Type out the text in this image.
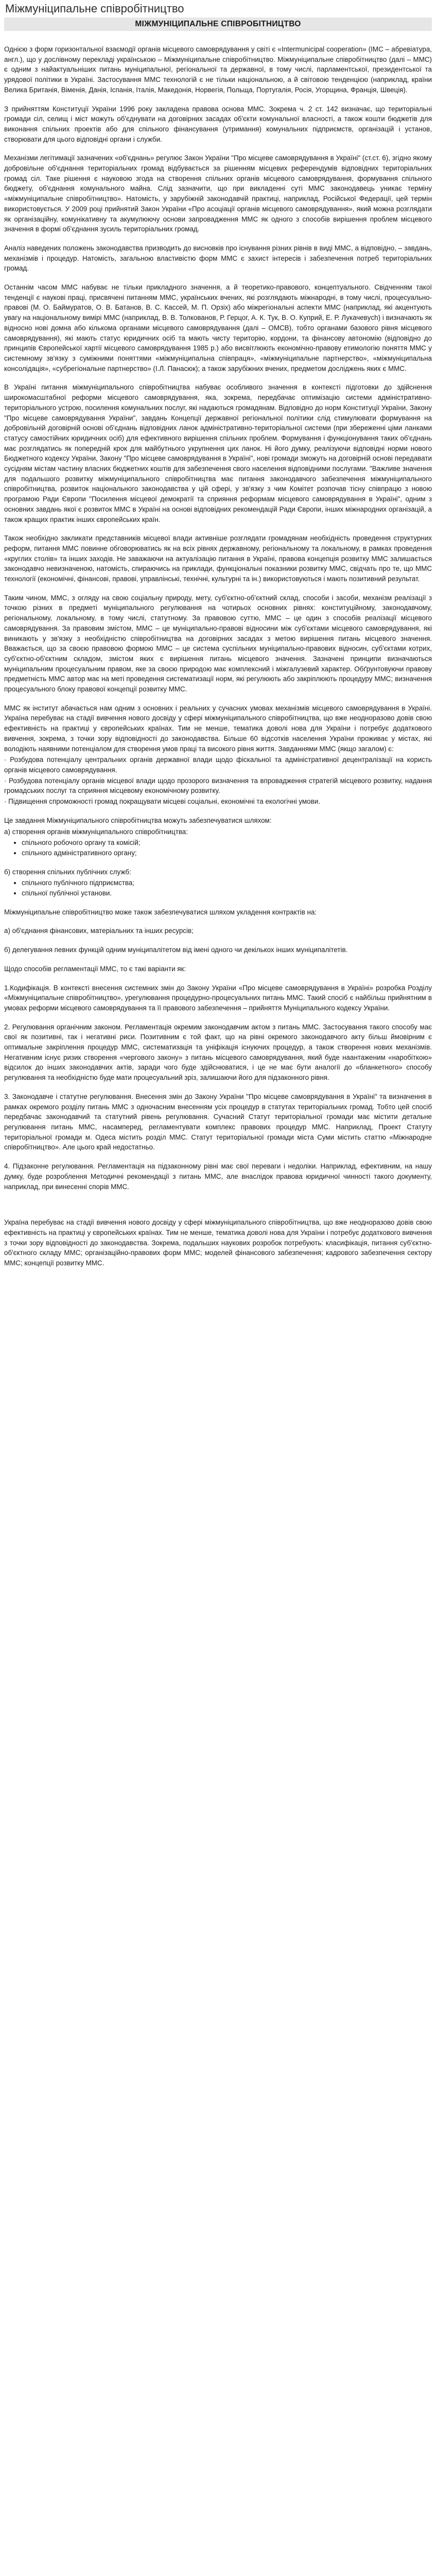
Міжмуніципальне співробітництво
МІЖМУНІЦИПАЛЬНЕ СПІВРОБІТНИЦТВО

Однією з форм горизонтальної взаємодії органів місцевого самоврядування у світі є «Intermunicipal cooperation» (IMC – абревіатура, англ.), що у дослівному перекладі українською – Міжмуніципальне співробітництво. Міжмуніципальне співробітництво (далі – ММС) є одним з найактуальніших питань муніципальної, регіональної та державної, в тому числі, парламентської, президентської та урядової політики в Україні. Застосування ММС технологій є не тільки національною, а й світовою тенденцією (наприклад, країни Велика Британія, Віменія, Данія, Іспанія, Італія, Македонія, Норвегія, Польща, Португалія, Росія, Угорщина, Франція, Швеція).

З прийняттям Конституції України 1996 року закладена правова основа ММС. Зокрема ч. 2 ст. 142 визначає, що територіальні громади сіл, селищ і міст можуть об'єднувати на договірних засадах об'єкти комунальної власності, а також кошти бюджетів для виконання спільних проектів або для спільного фінансування (утримання) комунальних підприємств, організацій і установ, створювати для цього відповідні органи і служби.

Механізми легітимації зазначених «об'єднань» регулює Закон України "Про місцеве самоврядування в Україні" (ст.ст. 6), згідно якому добровільне об'єднання територіальних громад відбувається за рішенням місцевих референдумів відповідних територіальних громад сіл. Таке рішення є науковою згода на створення спільних органів місцевого самоврядування, формування спільного бюджету, об'єднання комунального майна. Слід зазначити, що при викладенні суті ММС законодавець уникає терміну «міжмуніципальне співробітництво». Натомість, у зарубіжній законодавчій практиці, наприклад, Російської Федерації, цей термін використовується. У 2009 році прийнятий Закон України «Про асоціації органів місцевого самоврядування», який можна розглядати як організаційну, комунікативну та акумулюючу основи запровадження ММС як одного з способів вирішення проблем місцевого значення в формі об'єднання зусиль територіальних громад.

Аналіз наведених положень законодавства призводить до висновків про існування різних рівнів в виді ММС, а відповідно, – завдань, механізмів і процедур. Натомість, загальною властивістю форм ММС є захист інтересів і забезпечення потреб територіальних громад.

Останнім часом ММС набуває не тільки прикладного значення, а й теоретико-правового, концептуального. Свідченням такої тенденції є наукові праці, присвячені питанням ММС, українських вчених, які розглядають міжнародні, в тому числі, процесуально-правові (М. О. Баймуратов, О. В. Батанов, В. С. Кассей, М. П. Орзіх) або міжрегіональні аспекти ММС (наприклад, які акцентують увагу на національному вимірі ММС (наприклад, В. В. Толкованов, Р. Герцог, А. К. Тук, В. О. Куприй, Е. Р. Лукачевych) і визначають як відносно нові домна або кількома органами місцевого самоврядування (далі – ОМСВ), тобто органами базового рівня місцевого самоврядування), які мають статус юридичних осіб та мають чисту територію, кордони, та фінансову автономію (відповідно до принципів Європейської хартії місцевого самоврядування 1985 р.) або висвітлюють економічно-правову етимологію поняття ММС у системному зв'язку з суміжними поняттями «міжмуніципальна співпраця», «міжмуніципальне партнерство», «міжмуніципальна консолідація», «субрегіональне партнерство» (І.Л. Панасюк); а також зарубіжних вчених, предметом досліджень яких є ММС.

В Україні питання міжмуніципального співробітництва набуває особливого значення в контексті підготовки до здійснення широкомасштабної реформи місцевого самоврядування, яка, зокрема, передбачає оптимізацію системи адміністративно-територіального устрою, посилення комунальних послуг, які надаються громадянам. Відповідно до норм Конституції України, Закону "Про місцеве самоврядування України", завдань Концепції державної регіональної політики слід стимулювати формування на добровільній договірній основі об'єднань відповідних ланок адміністративно-територіальної системи (при збереженні ціми ланками статусу самостійних юридичних осіб) для ефективного вирішення спільних проблем. Формування і функціонування таких об'єднань має розглядатись як попередній крок для майбутнього укрупнення цих ланок. Ні його думку, реалізуючи відповідні норми нового Бюджетного кодексу України, Закону "Про місцеве самоврядування в Україні", нові громади зможуть на договірній основі передавати сусідням містам частину власних бюджетних коштів для забезпечення свого населення відповідними послугами. "Важливе значення для подальшого розвитку міжмуніципального співробітництва має питання законодавчого забезпечення міжмуніципального співробітництва, розвиток національного законодавства у цій сфері, у зв'язку з чим Комітет розпочав тісну співпрацю з новою програмою Ради Європи "Посилення місцевої демократії та сприяння реформам місцевого самоврядування в Україні", одним з основних завдань якої є розвиток ММС в Україні на основі відповідних рекомендацій Ради Європи, інших міжнародних організацій, а також кращих практик інших європейських країн.

Також необхідно закликати представників місцевої влади активніше розглядати громадянам необхідність проведення структурних реформ, питання ММС повинне обговорюватись як на всіх рівнях державному, регіональному та локальному, в рамках проведення «круглих столів» та інших заходів. Не заважаючи на актуалізацію питання в Україні, правова концепція розвитку ММС залишається законодавчо невизначеною, натомість, спираючись на приклади, функціональні показники розвитку ММС, свідчать про те, що ММС технології (економічні, фінансові, правові, управлінські, технічні, культурні та ін.) використовуються і мають позитивний результат.

Таким чином, ММС, з огляду на свою соціальну природу, мету, суб'єктно-об'єктний склад, способи і засоби, механізм реалізації з точкою різних в предметі муніципального регулювання на чотирьох основних рівнях: конституційному, законодавчому, регіональному, локальному, в тому числі, статутному. За правовою суттю, ММС – це один з способів реалізації місцевого самоврядування. За правовим змістом, ММС – це муніципально-правові відносини між суб'єктами місцевого самоврядування, які виникають у зв'язку з необхідністю співробітництва на договірних засадах з метою вирішення питань місцевого значення. Вважається, що за своєю правовою формою ММС – це система суспільних муніципально-правових відносин, суб'єктами котрих, суб'єктно-об'єктним складом, змістом яких є вирішення питань місцевого значення. Зазначені принципи визначаються муніципальним процесуальним правом, яке за своєю природою має комплексний і міжгалузевий характер. Обґрунтовуючи правову предметність ММС автор має на меті проведення систематизації норм, які регулюють або закріплюють процедуру ММС; визначення процесуального блоку правової концепції розвитку ММС.

ММС як інститут абачається нам одним з основних і реальних у сучасних умовах механізмів місцевого самоврядування в Україні. Україна перебуває на стадії вивчення нового досвіду у сфері міжмуніципального співробітництва, що вже неодноразово довів свою ефективність на практиці у європейських країнах. Тим не менше, тематика доволі нова для України і потребує додаткового вивчення, зокрема, з точки зору відповідності до законодавства. Більше 60 відсотків населення України проживає у містах, які володіють наявними потенціалом для створення умов праці та високого рівня життя. Завданнями ММС (якщо загалом) є:

· Розбудова потенціалу центральних органів державної влади щодо фіскальної та адміністративної децентралізації на користь органів місцевого самоврядування.

· Розбудова потенціалу органів місцевої влади щодо прозорого визначення та впровадження стратегій місцевого розвитку, надання громадських послуг та сприяння місцевому економічному розвитку.

· Підвищення спроможності громад покращувати місцеві соціальні, економічні та екологічні умови.

Це завдання Міжмуніципального співробітництва можуть забезпечуватися шляхом:

а) створення органів міжмуніципального співробітництва:

• спільного робочого органу та комісій;
• спільного адміністративного органу;

б) створення спільних публічних служб:

• спільного публічного підприємства;
• спільної публічної установи.

Міжмуніципальне співробітництво може також забезпечуватися шляхом укладення контрактів на:

а) об'єднання фінансових, матеріальних та інших ресурсів;

б) делегування певних функцій одним муніципалітетом від імені одного чи декількох інших муніципалітетів.

Щодо способів регламентації ММС, то є такі варіанти як:

1.Кодифікація. В контексті внесення системних змін до Закону України «Про місцеве самоврядування в Україні» розробка Розділу «Міжмуніципальне співробітництво», урегулювання процедурно-процесуальних питань ММС. Такий спосіб є найбільш прийнятним в умовах реформи місцевого самоврядування та її правового забезпечення – прийняття Муніципального кодексу України.

2. Регулювання органічним законом. Регламентація окремим законодавчим актом з питань ММС. Застосування такого способу має свої як позитивні, так і негативні риси. Позитивним є той факт, що на рівні окремого законодавчого акту більш ймовірним є оптимальне закріплення процедур ММС, систематизація та уніфікація існуючих процедур, а також створення нових механізмів. Негативним існує ризик створення «чергового закону» з питань місцевого самоврядування, який буде наантаженим «наробіткою» відсилок до інших законодавчих актів, заради чого буде здійснюватися, і це не має бути аналогії до «бланкетного» способу регулювання та необхідністю буде мати процесуальний зріз, залишаючи його для підзаконного рівня.

3. Законодавче і статутне регулювання. Внесення змін до Закону України "Про місцеве самоврядування в Україні" та визначення в рамках окремого розділу питань ММС з одночасним внесенням усіх процедур в статутах територіальних громад. Тобто цей спосіб передбачає законодавчий та статутний рівень регулювання. Сучасний Статут територіальної громади має містити детальне регулювання питань ММС, насамперед, регламентувати комплекс правових процедур ММС. Наприклад, Проект Статуту територіальної громади м. Одеса містить розділ ММС. Статут територіальної громади міста Суми містить статтю «Міжнародне співробітництво». Але цього край недостатньо.

4. Підзаконне регулювання. Регламентація на підзаконному рівні має свої переваги і недоліки. Наприклад, ефективним, на нашу думку, буде розроблення Методичні рекомендації з питань ММС, але внаслідок правова юридичної чинності такого документу, наприклад, при винесенні спорів ММС.

Україна перебуває на стадії вивчення нового досвіду у сфері міжмуніципального співробітництва, що вже неодноразово довів свою ефективність на практиці у європейських країнах. Тим не менше, тематика доволі нова для України і потребує додаткового вивчення з точки зору відповідності до законодавства. Зокрема, подальших наукових розробок потребують: класифікація, питання суб'єктно-об'єктного складу ММС; організаційно-правових форм ММС; моделей фінансового забезпечення; кадрового забезпечення сектору ММС; концепції розвитку ММС.
